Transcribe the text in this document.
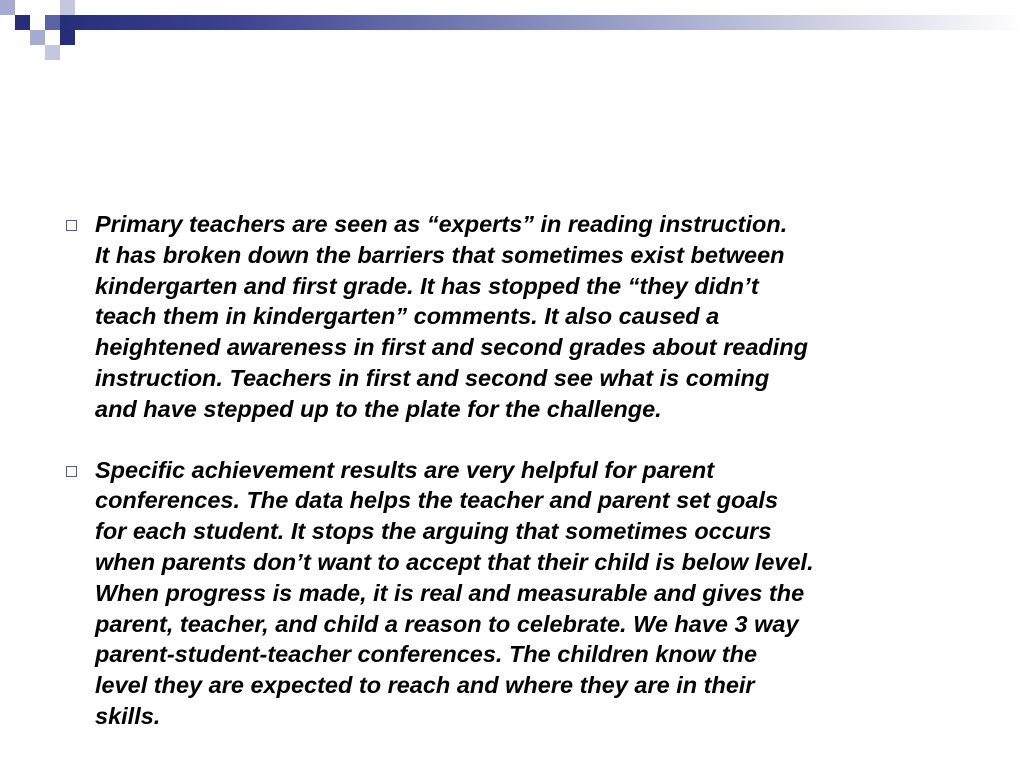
Primary teachers are seen as “experts” in reading instruction.
It has broken down the barriers that sometimes exist between
kindergarten and first grade. It has stopped the “they didn’t
teach them in kindergarten” comments. It also caused a
heightened awareness in first and second grades about reading
instruction. Teachers in first and second see what is coming
and have stepped up to the plate for the challenge.
Specific achievement results are very helpful for parent
conferences. The data helps the teacher and parent set goals
for each student. It stops the arguing that sometimes occurs
when parents don’t want to accept that their child is below level.
When progress is made, it is real and measurable and gives the
parent, teacher, and child a reason to celebrate. We have 3 way
parent-student-teacher conferences. The children know the
level they are expected to reach and where they are in their
skills.
